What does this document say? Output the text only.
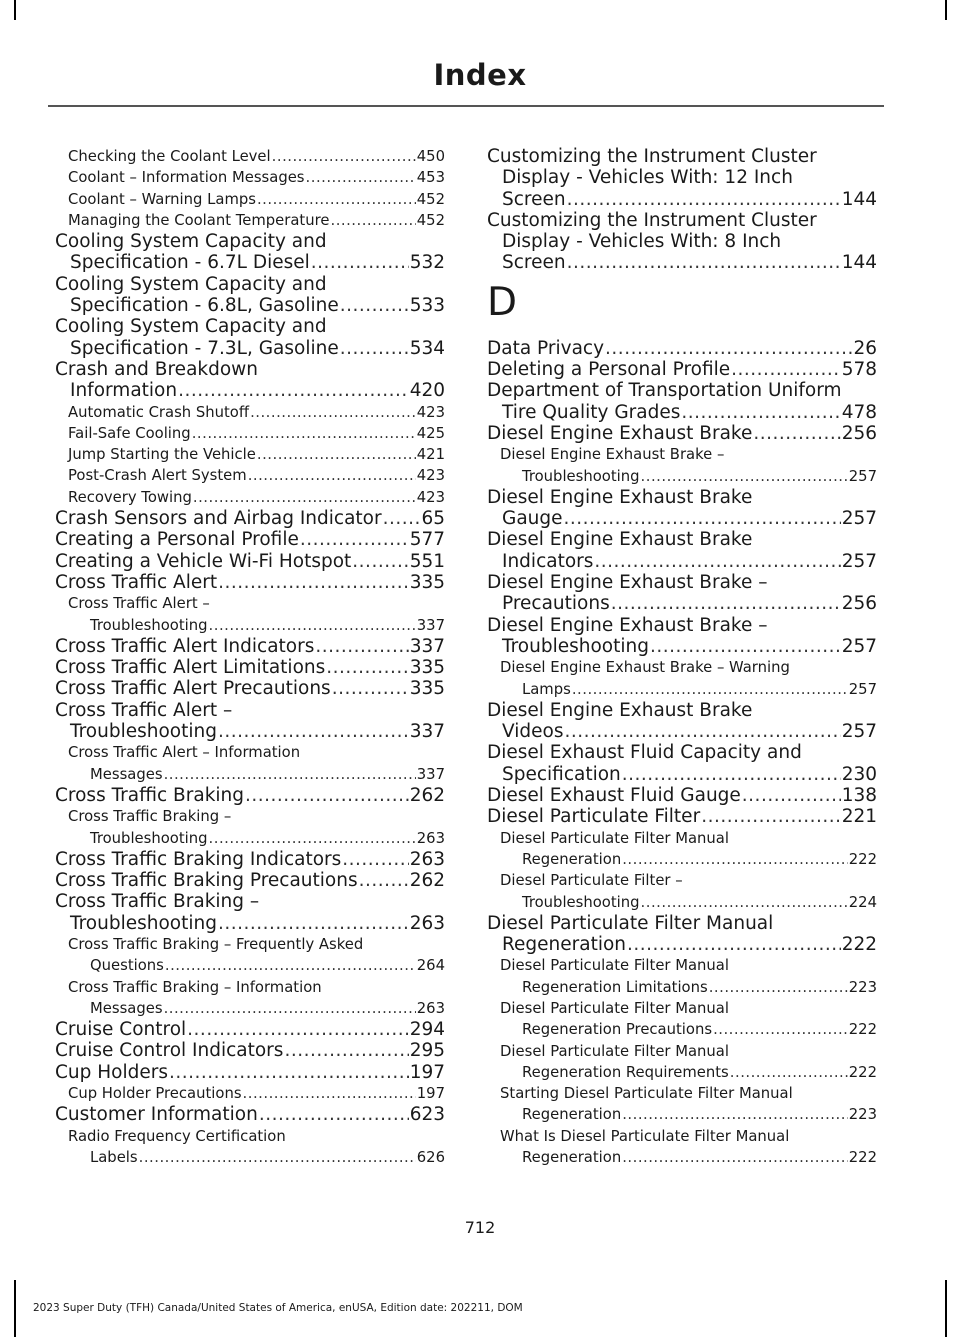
Index
Checking the Coolant Level .....	450
Coolant – Information Messages .....	453
Coolant – Warning Lamps .....	452
Managing the Coolant Temperature .....	452
Cooling System Capacity and
Specification - 6.7L Diesel .....	532
Cooling System Capacity and
Specification - 6.8L, Gasoline .....	533
Cooling System Capacity and
Specification - 7.3L, Gasoline .....	534
Crash and Breakdown
Information .....	420
Automatic Crash Shutoff .....	423
Fail-Safe Cooling .....	425
Jump Starting the Vehicle .....	421
Post-Crash Alert System .....	423
Recovery Towing .....	423
Crash Sensors and Airbag Indicator ..... 65
Creating a Personal Profile .....	577
Creating a Vehicle Wi-Fi Hotspot .....	551
Cross Traffic Alert .....	335
Cross Traffic Alert –
Troubleshooting .....	337
Cross Traffic Alert Indicators .....	337
Cross Traffic Alert Limitations .....	335
Cross Traffic Alert Precautions .....	335
Cross Traffic Alert –
Troubleshooting .....	337
Cross Traffic Alert – Information
Messages .....	337
Cross Traffic Braking .....	262
Cross Traffic Braking –
Troubleshooting .....	263
Cross Traffic Braking Indicators .....	263
Cross Traffic Braking Precautions .....	262
Cross Traffic Braking –
Troubleshooting .....	263
Cross Traffic Braking – Frequently Asked
Questions .....	264
Cross Traffic Braking – Information
Messages .....	263
Cruise Control .....	294
Cruise Control Indicators .....	295
Cup Holders .....	197
Cup Holder Precautions .....	197
Customer Information .....	623
Radio Frequency Certification
Labels .....	626
Customizing the Instrument Cluster
Display - Vehicles With: 12 Inch
Screen .....	144
Customizing the Instrument Cluster
Display - Vehicles With: 8 Inch
Screen .....	144
D
Data Privacy .....	26
Deleting a Personal Profile .....	578
Department of Transportation Uniform
Tire Quality Grades .....	478
Diesel Engine Exhaust Brake .....	256
Diesel Engine Exhaust Brake –
Troubleshooting .....	257
Diesel Engine Exhaust Brake
Gauge .....	257
Diesel Engine Exhaust Brake
Indicators .....	257
Diesel Engine Exhaust Brake –
Precautions .....	256
Diesel Engine Exhaust Brake –
Troubleshooting .....	257
Diesel Engine Exhaust Brake – Warning
Lamps .....	257
Diesel Engine Exhaust Brake
Videos .....	257
Diesel Exhaust Fluid Capacity and
Specification .....	230
Diesel Exhaust Fluid Gauge .....	138
Diesel Particulate Filter .....	221
Diesel Particulate Filter Manual
Regeneration .....	222
Diesel Particulate Filter –
Troubleshooting .....	224
Diesel Particulate Filter Manual
Regeneration .....	222
Diesel Particulate Filter Manual
Regeneration Limitations .....	223
Diesel Particulate Filter Manual
Regeneration Precautions .....	222
Diesel Particulate Filter Manual
Regeneration Requirements .....	222
Starting Diesel Particulate Filter Manual
Regeneration .....	223
What Is Diesel Particulate Filter Manual
Regeneration .....	222
712
2023 Super Duty (TFH) Canada/United States of America, enUSA, Edition date: 202211, DOM
